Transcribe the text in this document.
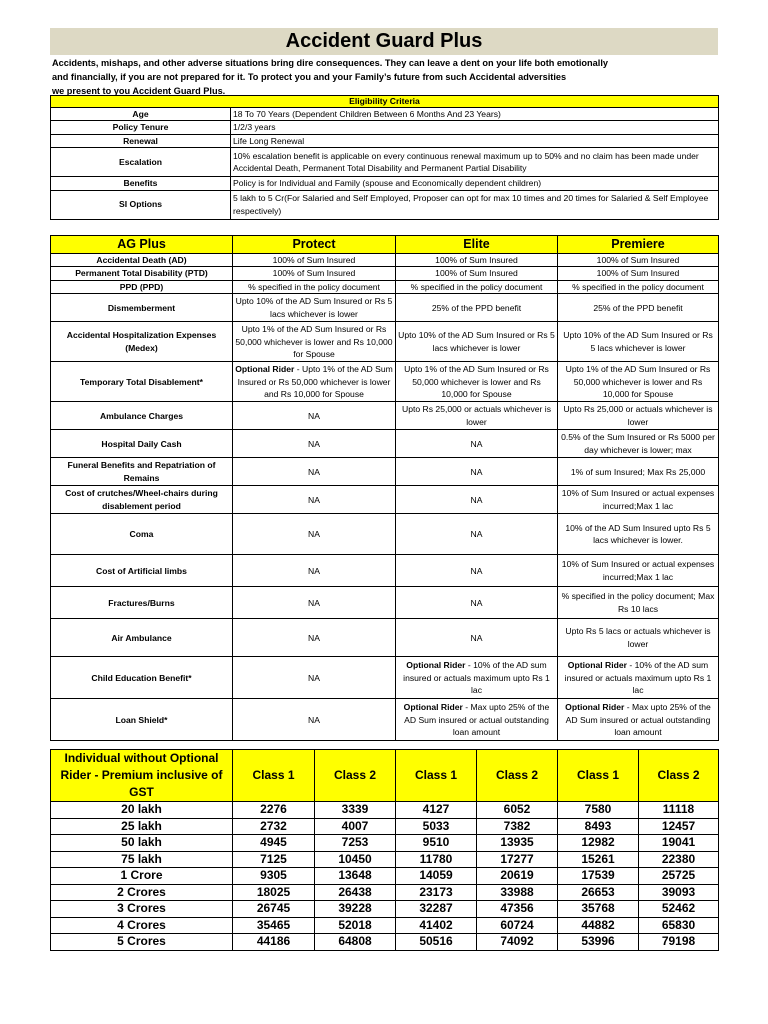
Accident Guard Plus
Accidents, mishaps, and other adverse situations bring dire consequences. They can leave a dent on your life both emotionally
and financially, if you are not prepared for it. To protect you and your Family’s future from such Accidental adversities
we present to you Accident Guard Plus.
Eligibility Criteria	
Age	18 To 70 Years (Dependent Children Between 6 Months And 23 Years)
Policy Tenure	1/2/3 years
Renewal	Life Long Renewal
Escalation	10% escalation benefit is applicable on every continuous renewal maximum up to 50% and no claim has been made under Accidental Death, Permanent Total Disability and Permanent Partial Disability
Benefits	Policy is for Individual and Family (spouse and Economically dependent children)
SI Options	5 lakh to 5 Cr(For Salaried and Self Employed, Proposer can opt for max 10 times and 20 times for Salaried & Self Employee respectively)
AG Plus	Protect	Elite	Premiere
Accidental Death (AD)	100% of Sum Insured	100% of Sum Insured	100% of Sum Insured
Permanent Total Disability (PTD)	100% of Sum Insured	100% of Sum Insured	100% of Sum Insured
PPD (PPD)	% specified in the policy document	% specified in the policy document	% specified in the policy document
Dismemberment	Upto 10% of the AD Sum Insured or Rs 5 lacs whichever is lower	25% of the PPD benefit	25% of the PPD benefit
Accidental Hospitalization Expenses (Medex)	Upto 1% of the AD Sum Insured or Rs 50,000 whichever is lower and Rs 10,000 for Spouse	Upto 10% of the AD Sum Insured or Rs 5 lacs whichever is lower	Upto 10% of the AD Sum Insured or Rs 5 lacs whichever is lower
Temporary Total Disablement*	Optional Rider - Upto 1% of the AD Sum Insured or Rs 50,000 whichever is lower and Rs 10,000 for Spouse	Upto 1% of the AD Sum Insured or Rs 50,000 whichever is lower and Rs 10,000 for Spouse	Upto 1% of the AD Sum Insured or Rs 50,000 whichever is lower and Rs 10,000 for Spouse
Ambulance Charges	NA	Upto Rs 25,000 or actuals whichever is lower	Upto Rs 25,000 or actuals whichever is lower
Hospital Daily Cash	NA	NA	0.5% of the Sum Insured or Rs 5000 per day whichever is lower; max
Funeral Benefits and Repatriation of Remains	NA	NA	1% of sum Insured; Max Rs 25,000
Cost of crutches/Wheel-chairs during disablement period	NA	NA	10% of Sum Insured or actual expenses incurred;Max 1 lac
Coma	NA	NA	10% of the AD Sum Insured upto Rs 5 lacs whichever is lower.
Cost of Artificial limbs	NA	NA	10% of Sum Insured or actual expenses incurred;Max 1 lac
Fractures/Burns	NA	NA	% specified in the policy document; Max Rs 10 lacs
Air Ambulance	NA	NA	Upto Rs 5 lacs or actuals whichever is lower
Child Education Benefit*	NA	Optional Rider - 10% of the AD sum insured or actuals maximum upto Rs 1 lac	Optional Rider - 10% of the AD sum insured or actuals maximum upto Rs 1 lac
Loan Shield*	NA	Optional Rider - Max upto 25% of the AD Sum insured or actual outstanding loan amount	Optional Rider - Max upto 25% of the AD Sum insured or actual outstanding loan amount
Individual without Optional Rider - Premium inclusive of GST	Class 1	Class 2	Class 1	Class 2	Class 1	Class 2
20 lakh	2276	3339	4127	6052	7580	11118
25 lakh	2732	4007	5033	7382	8493	12457
50 lakh	4945	7253	9510	13935	12982	19041
75 lakh	7125	10450	11780	17277	15261	22380
1 Crore	9305	13648	14059	20619	17539	25725
2 Crores	18025	26438	23173	33988	26653	39093
3 Crores	26745	39228	32287	47356	35768	52462
4 Crores	35465	52018	41402	60724	44882	65830
5 Crores	44186	64808	50516	74092	53996	79198
